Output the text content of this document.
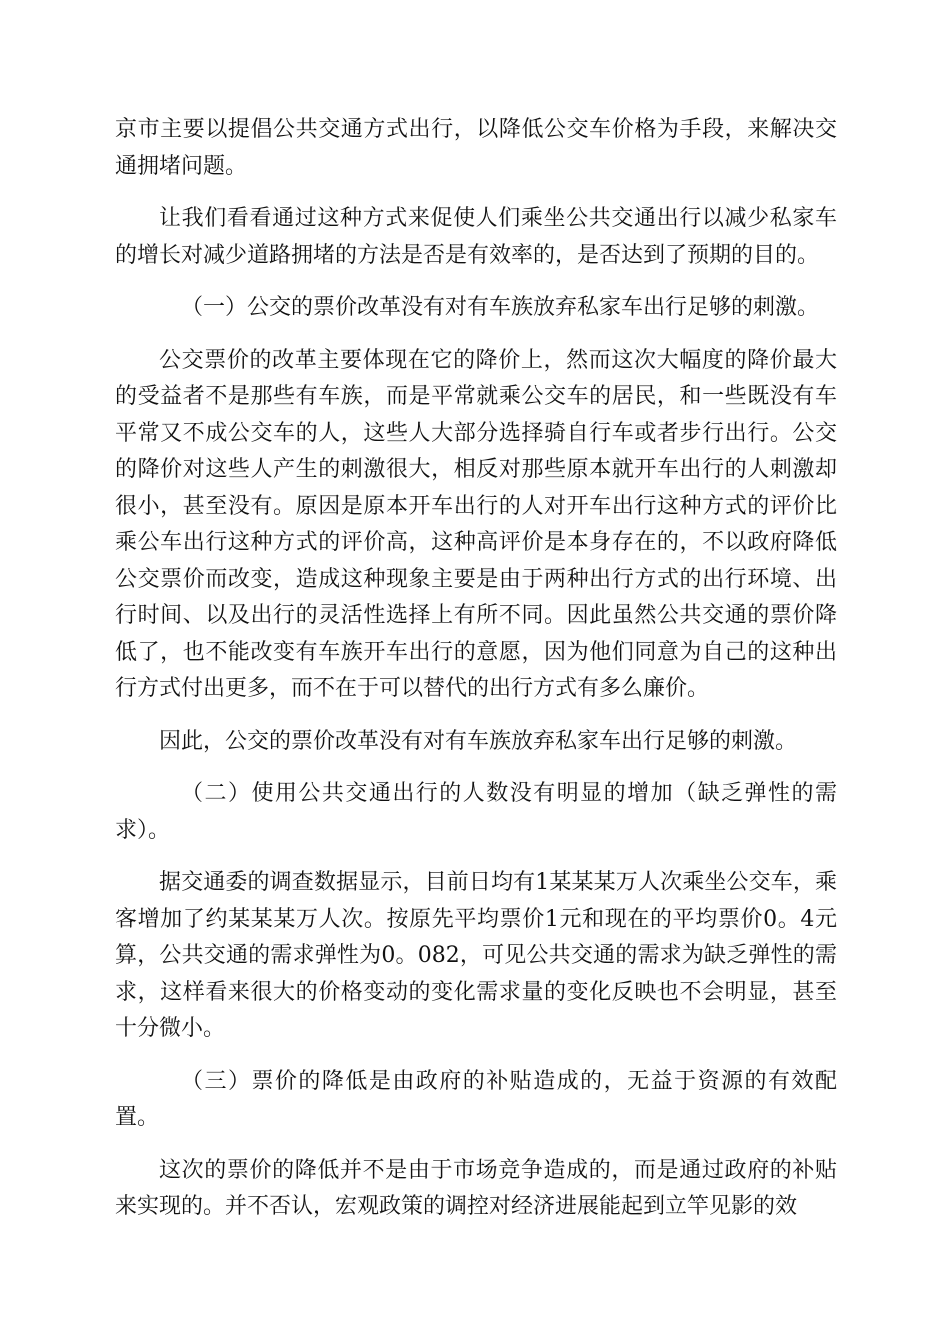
京市主要以提倡公共交通方式出行，以降低公交车价格为手段，来解决交通拥堵问题。

让我们看看通过这种方式来促使人们乘坐公共交通出行以减少私家车的增长对减少道路拥堵的方法是否是有效率的，是否达到了预期的目的。

（一）公交的票价改革没有对有车族放弃私家车出行足够的刺激。

公交票价的改革主要体现在它的降价上，然而这次大幅度的降价最大的受益者不是那些有车族，而是平常就乘公交车的居民，和一些既没有车平常又不成公交车的人，这些人大部分选择骑自行车或者步行出行。公交的降价对这些人产生的刺激很大，相反对那些原本就开车出行的人刺激却很小，甚至没有。原因是原本开车出行的人对开车出行这种方式的评价比乘公车出行这种方式的评价高，这种高评价是本身存在的，不以政府降低公交票价而改变，造成这种现象主要是由于两种出行方式的出行环境、出行时间、以及出行的灵活性选择上有所不同。因此虽然公共交通的票价降低了，也不能改变有车族开车出行的意愿，因为他们同意为自己的这种出行方式付出更多，而不在于可以替代的出行方式有多么廉价。

因此，公交的票价改革没有对有车族放弃私家车出行足够的刺激。

（二）使用公共交通出行的人数没有明显的增加（缺乏弹性的需求）。

据交通委的调查数据显示，目前日均有1某某某万人次乘坐公交车，乘客增加了约某某某万人次。按原先平均票价1元和现在的平均票价0。4元算，公共交通的需求弹性为0。082，可见公共交通的需求为缺乏弹性的需求，这样看来很大的价格变动的变化需求量的变化反映也不会明显，甚至十分微小。

（三）票价的降低是由政府的补贴造成的，无益于资源的有效配置。

这次的票价的降低并不是由于市场竞争造成的，而是通过政府的补贴来实现的。并不否认，宏观政策的调控对经济进展能起到立竿见影的效
